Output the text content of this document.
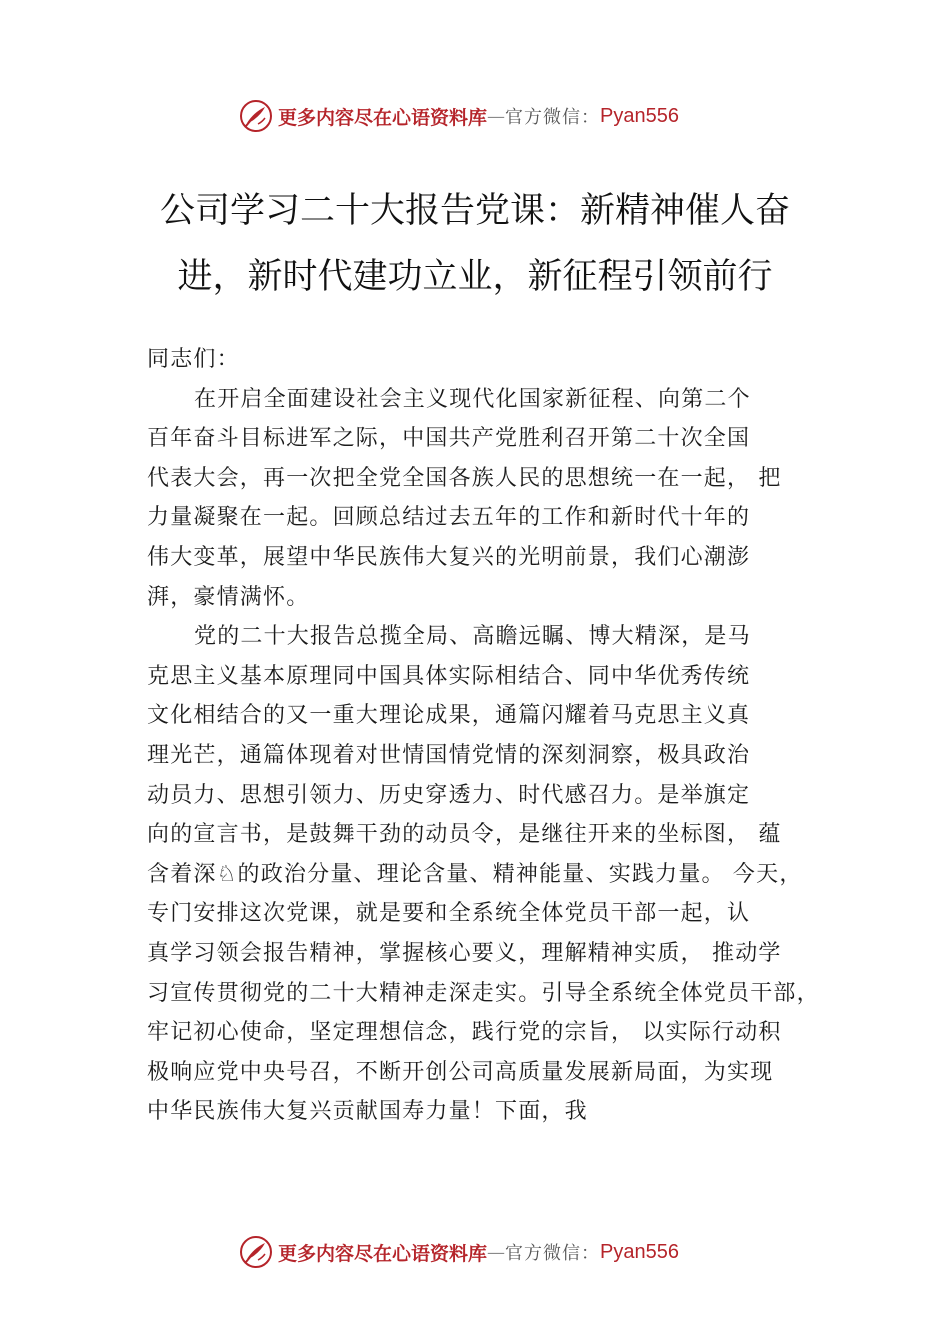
更多内容尽在心语资料库 — 官方微信： Pyan556
公司学习二十大报告党课：新精神催人奋
进，新时代建功立业，新征程引领前行
同志们：
在开启全面建设社会主义现代化国家新征程、向第二个
百年奋斗目标进军之际，中国共产党胜利召开第二十次全国
代表大会，再一次把全党全国各族人民的思想统一在一起， 把
力量凝聚在一起。回顾总结过去五年的工作和新时代十年的
伟大变革，展望中华民族伟大复兴的光明前景，我们心潮澎
湃，豪情满怀。
党的二十大报告总揽全局、高瞻远瞩、博大精深，是马
克思主义基本原理同中国具体实际相结合、同中华优秀传统
文化相结合的又一重大理论成果，通篇闪耀着马克思主义真
理光芒，通篇体现着对世情国情党情的深刻洞察，极具政治
动员力、思想引领力、历史穿透力、时代感召力。是举旗定
向的宣言书，是鼓舞干劲的动员令，是继往开来的坐标图， 蕴
含着深♘的政治分量、理论含量、精神能量、实践力量。 今天，
专门安排这次党课，就是要和全系统全体党员干部一起，认
真学习领会报告精神，掌握核心要义，理解精神实质， 推动学
习宣传贯彻党的二十大精神走深走实。引导全系统全体党员干部，
牢记初心使命，坚定理想信念，践行党的宗旨， 以实际行动积
极响应党中央号召，不断开创公司高质量发展新局面，为实现
中华民族伟大复兴贡献国寿力量！下面，我
更多内容尽在心语资料库 — 官方微信： Pyan556
